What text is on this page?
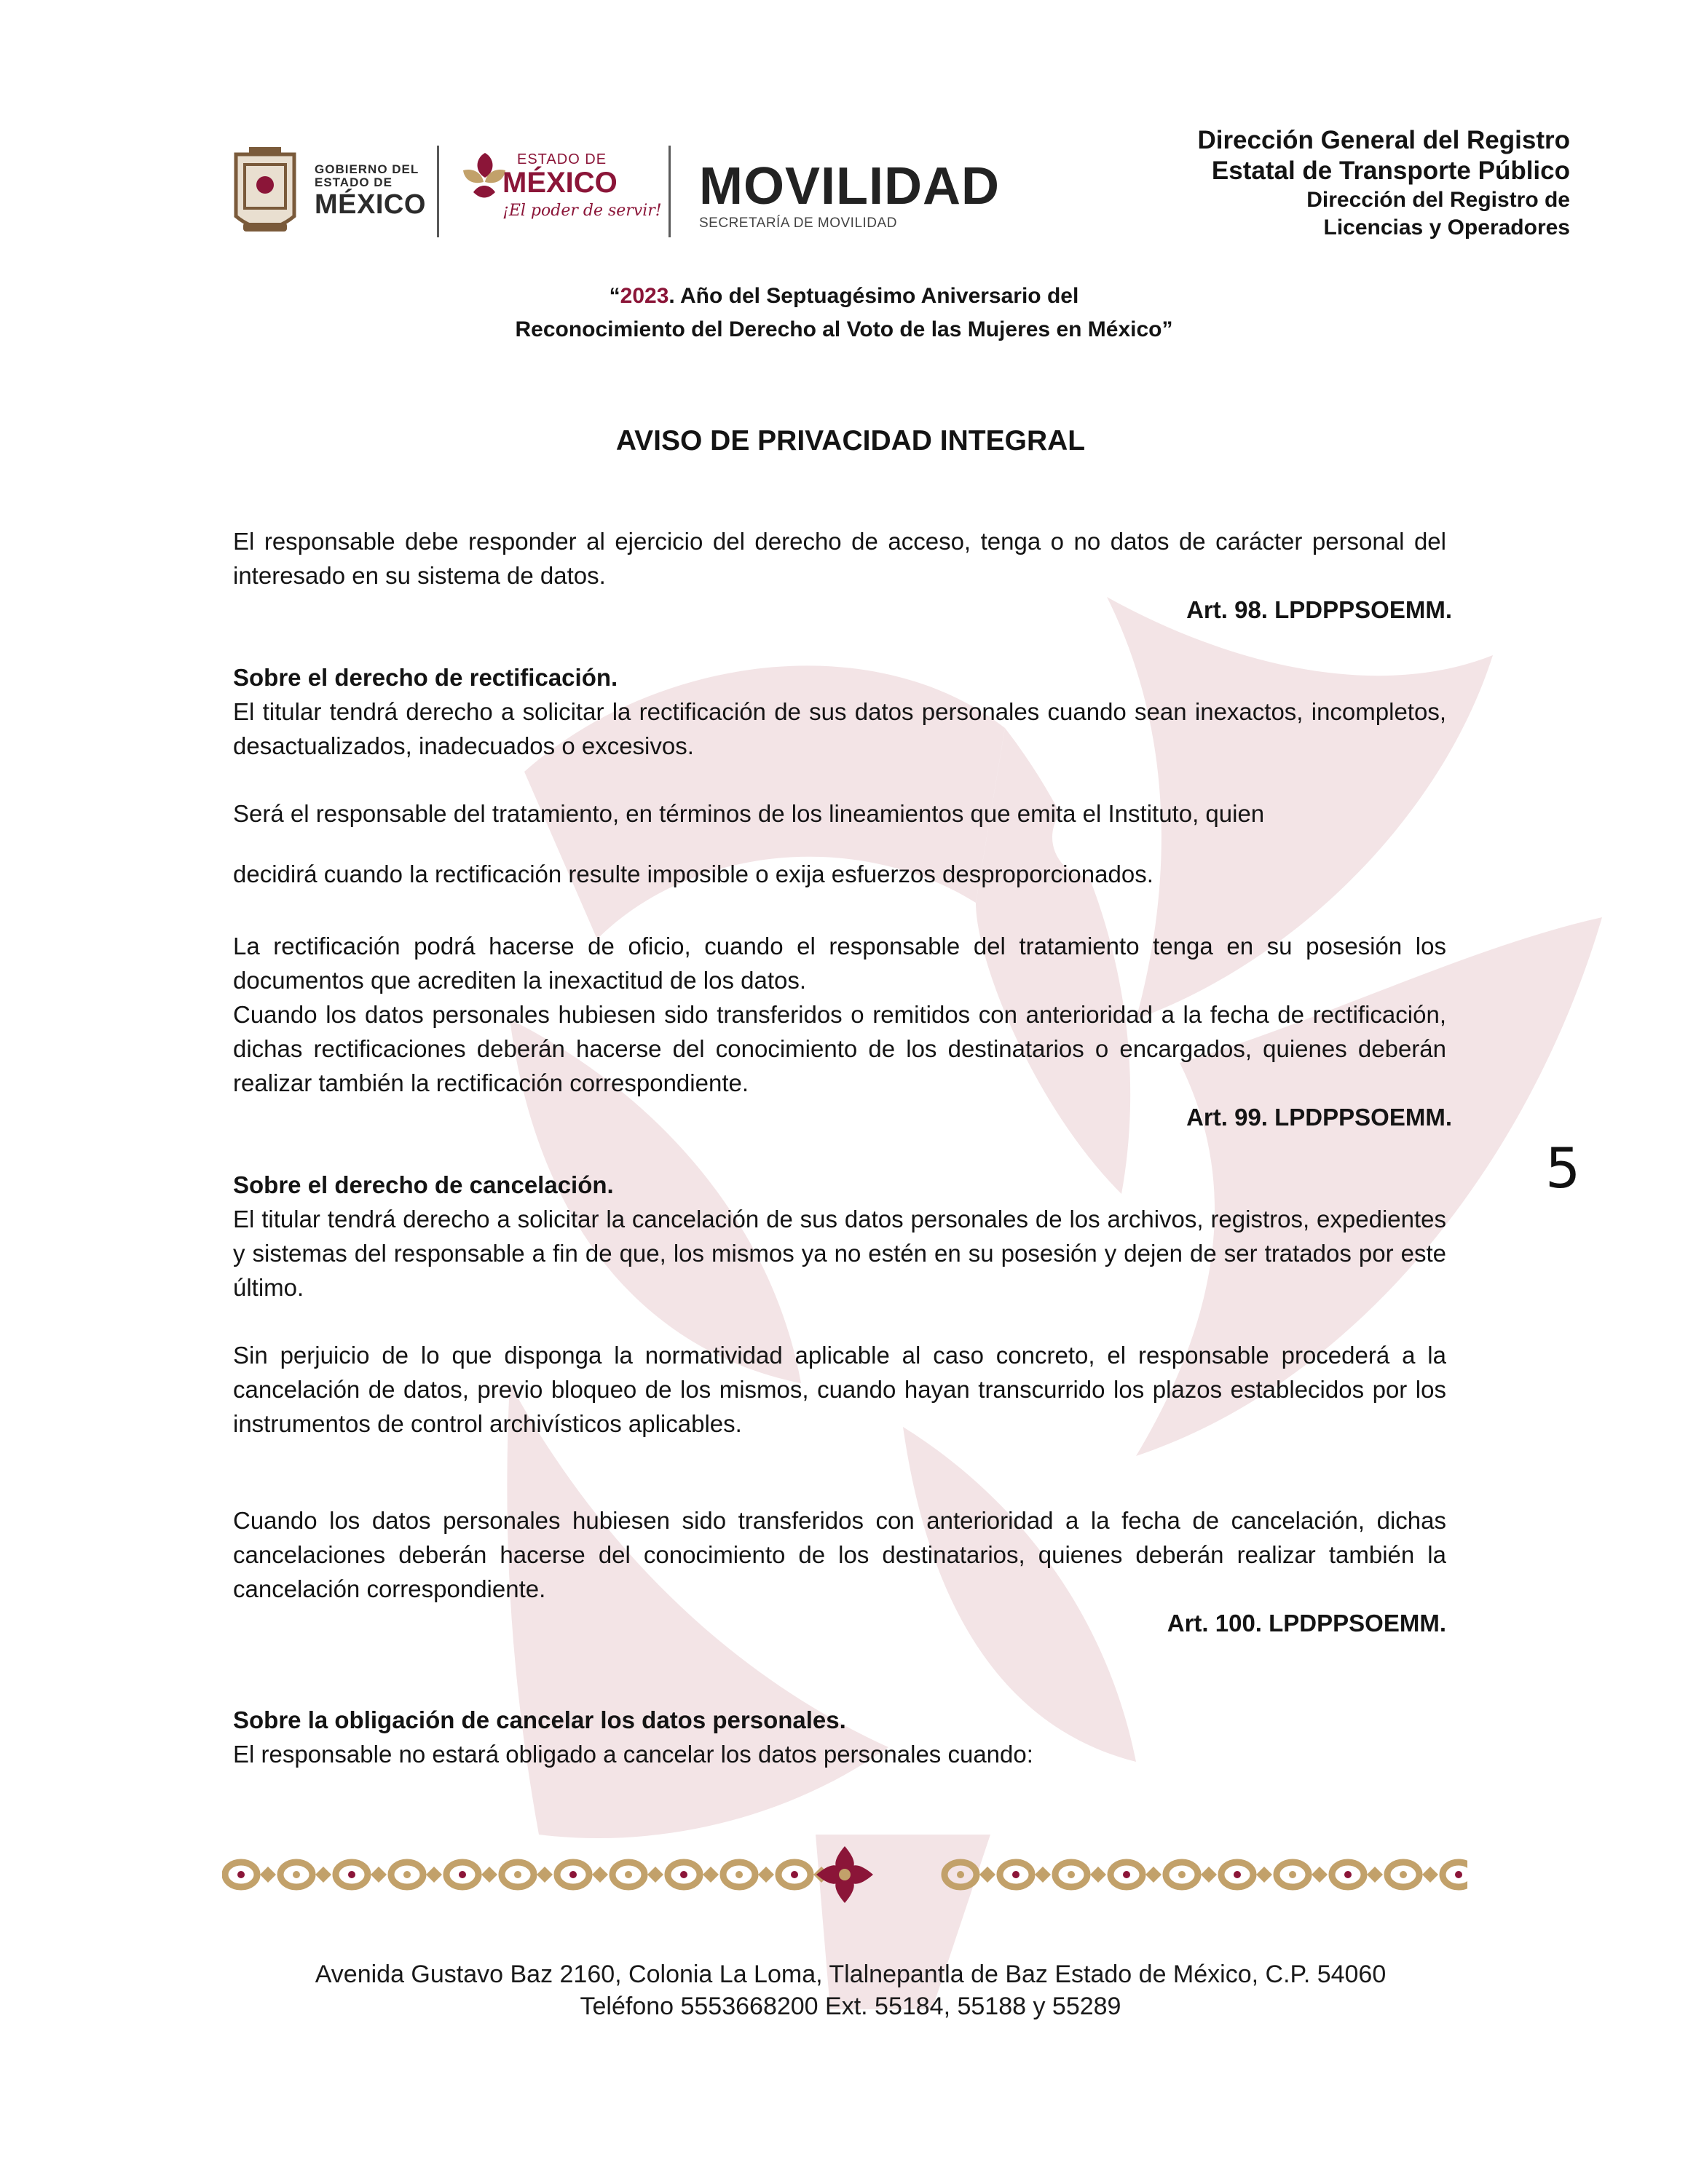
GOBIERNO DEL
ESTADO DE
MÉXICO
ESTADO DE
MÉXICO
¡El poder de servir! MOVILIDAD
SECRETARÍA DE MOVILIDAD
Dirección General del Registro
Estatal de Transporte Público
Dirección del Registro de
Licencias y Operadores
“2023. Año del Septuagésimo Aniversario del
Reconocimiento del Derecho al Voto de las Mujeres en México”
AVISO DE PRIVACIDAD INTEGRAL

El responsable debe responder al ejercicio del derecho de acceso, tenga o no datos de carácter personal del interesado en su sistema de datos.

Art. 98. LPDPPSOEMM.

Sobre el derecho de rectificación.

El titular tendrá derecho a solicitar la rectificación de sus datos personales cuando sean inexactos, incompletos, desactualizados, inadecuados o excesivos.

Será el responsable del tratamiento, en términos de los lineamientos que emita el Instituto, quien

decidirá cuando la rectificación resulte imposible o exija esfuerzos desproporcionados.

La rectificación podrá hacerse de oficio, cuando el responsable del tratamiento tenga en su posesión los documentos que acrediten la inexactitud de los datos.

Cuando los datos personales hubiesen sido transferidos o remitidos con anterioridad a la fecha de rectificación, dichas rectificaciones deberán hacerse del conocimiento de los destinatarios o encargados, quienes deberán realizar también la rectificación correspondiente.

Art. 99. LPDPPSOEMM.

Sobre el derecho de cancelación.

El titular tendrá derecho a solicitar la cancelación de sus datos personales de los archivos, registros, expedientes y sistemas del responsable a fin de que, los mismos ya no estén en su posesión y dejen de ser tratados por este último.

Sin perjuicio de lo que disponga la normatividad aplicable al caso concreto, el responsable procederá a la cancelación de datos, previo bloqueo de los mismos, cuando hayan transcurrido los plazos establecidos por los instrumentos de control archivísticos aplicables.

Cuando los datos personales hubiesen sido transferidos con anterioridad a la fecha de cancelación, dichas cancelaciones deberán hacerse del conocimiento de los destinatarios, quienes deberán realizar también la cancelación correspondiente.

Art. 100. LPDPPSOEMM.

Sobre la obligación de cancelar los datos personales.

El responsable no estará obligado a cancelar los datos personales cuando:

5
Avenida Gustavo Baz 2160, Colonia La Loma, Tlalnepantla de Baz Estado de México, C.P. 54060
Teléfono 5553668200 Ext. 55184, 55188 y 55289
